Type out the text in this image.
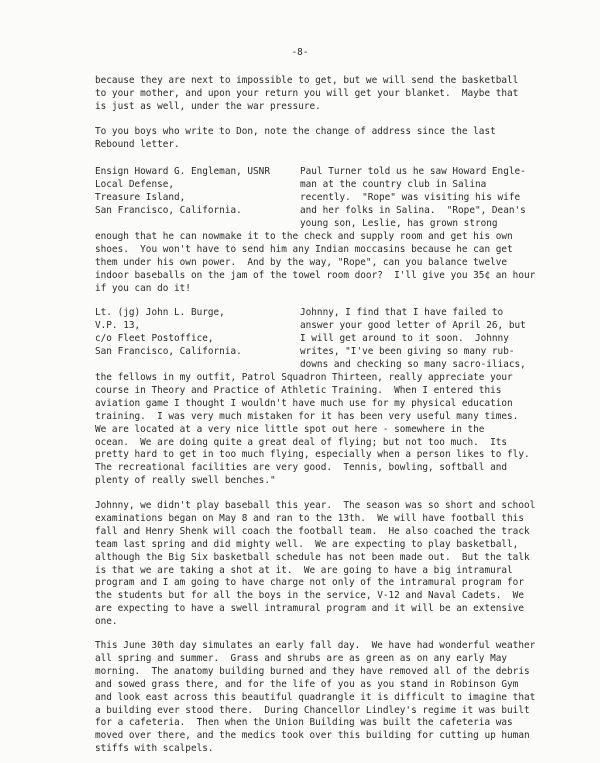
-8-
because they are next to impossible to get, but we will send the basketball
to your mother, and upon your return you will get your blanket.  Maybe that
is just as well, under the war pressure.
To you boys who write to Don, note the change of address since the last
Rebound letter.
Ensign Howard G. Engleman, USNR
Local Defense,
Treasure Island,
San Francisco, California.
Paul Turner told us he saw Howard Engle-
man at the country club in Salina
recently.  "Rope" was visiting his wife
and her folks in Salina.  "Rope", Dean's
young son, Leslie, has grown strong
enough that he can nowmake it to the check and supply room and get his own
shoes.  You won't have to send him any Indian moccasins because he can get
them under his own power.  And by the way, "Rope", can you balance twelve
indoor baseballs on the jam of the towel room door?  I'll give you 35¢ an hour
if you can do it!
Lt. (jg) John L. Burge,
V.P. 13,
c/o Fleet Postoffice,
San Francisco, California.
Johnny, I find that I have failed to
answer your good letter of April 26, but
I will get around to it soon.  Johnny
writes, "I've been giving so many rub-
downs and checking so many sacro-iliacs,
the fellows in my outfit, Patrol Squadron Thirteen, really appreciate your
course in Theory and Practice of Athletic Training.  When I entered this
aviation game I thought I wouldn't have much use for my physical education
training.  I was very much mistaken for it has been very useful many times.
We are located at a very nice little spot out here - somewhere in the
ocean.  We are doing quite a great deal of flying; but not too much.  Its
pretty hard to get in too much flying, especially when a person likes to fly.
The recreational facilities are very good.  Tennis, bowling, softball and
plenty of really swell benches."
Johnny, we didn't play baseball this year.  The season was so short and school
examinations began on May 8 and ran to the 13th.  We will have football this
fall and Henry Shenk will coach the football team.  He also coached the track
team last spring and did mighty well.  We are expecting to play basketball,
although the Big Six basketball schedule has not been made out.  But the talk
is that we are taking a shot at it.  We are going to have a big intramural
program and I am going to have charge not only of the intramural program for
the students but for all the boys in the service, V-12 and Naval Cadets.  We
are expecting to have a swell intramural program and it will be an extensive
one.
This June 30th day simulates an early fall day.  We have had wonderful weather
all spring and summer.  Grass and shrubs are as green as on any early May
morning.  The anatomy building burned and they have removed all of the debris
and sowed grass there, and for the life of you as you stand in Robinson Gym
and look east across this beautiful quadrangle it is difficult to imagine that
a building ever stood there.  During Chancellor Lindley's regime it was built
for a cafeteria.  Then when the Union Building was built the cafeteria was
moved over there, and the medics took over this building for cutting up human
stiffs with scalpels.
